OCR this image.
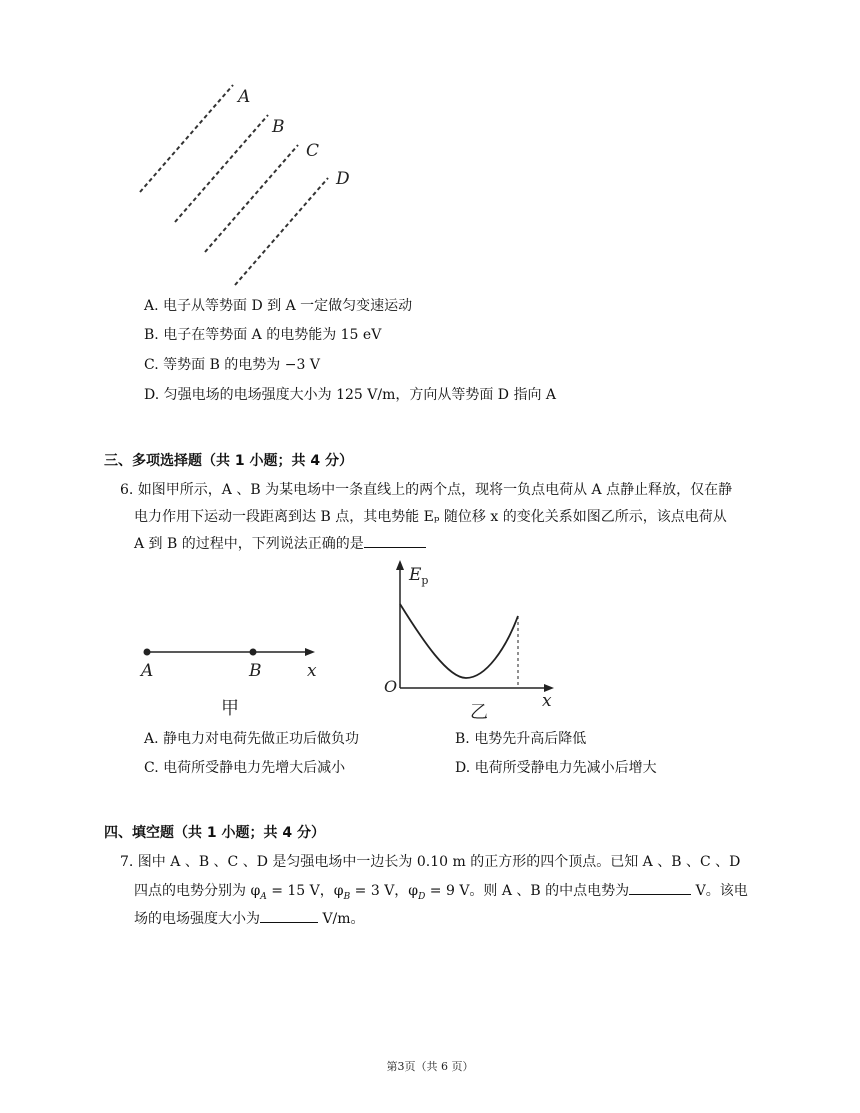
A
B
C
D
A. 电子从等势面 D 到 A 一定做匀变速运动
B. 电子在等势面 A 的电势能为 15 eV
C. 等势面 B 的电势为 −3 V
D. 匀强电场的电场强度大小为 125 V/m，方向从等势面 D 指向 A
三、多项选择题（共 1 小题；共 4 分）
6. 如图甲所示，A 、B 为某电场中一条直线上的两个点，现将一负点电荷从 A 点静止释放，仅在静
电力作用下运动一段距离到达 B 点，其电势能 Eₚ 随位移 x 的变化关系如图乙所示，该点电荷从
A 到 B 的过程中，下列说法正确的是
A	B	x
甲
$E_p$
O
x
乙
A. 静电力对电荷先做正功后做负功	B. 电势先升高后降低
C. 电荷所受静电力先增大后减小	D. 电荷所受静电力先减小后增大
四、填空题（共 1 小题；共 4 分）
7. 图中 A 、B 、C 、D 是匀强电场中一边长为 0.10 m 的正方形的四个顶点。已知 A 、B 、C 、D
四点的电势分别为 $\varphi_A = 15$ V，$\varphi_B = 3$ V，$\varphi_D = 9$ V。则 A 、B 的中点电势为	V。该电
场的电场强度大小为	V/m。
第3页（共 6 页）
